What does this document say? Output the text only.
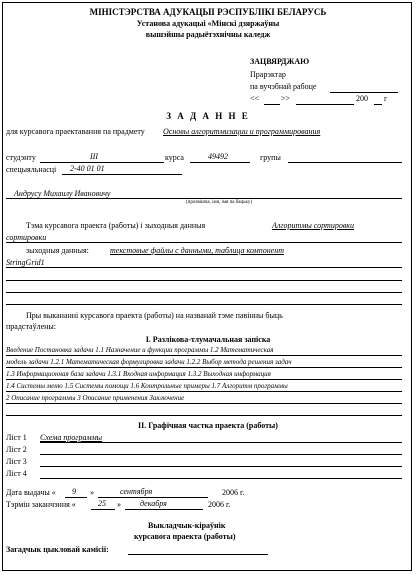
МІНІСТЭРСТВА АДУКАЦЫІ РЭСПУБЛІКІ БЕЛАРУСЬ
Установа адукацыі «Мінскі дзяржаўны
вышэйшы радыётэхнічны каледж
ЗАЦВЯРДЖАЮ
Прарэктар
па вучэбнай рабоце
<<	>>	200 г
З А Д А Н Н Е
для курсавога праектавання па прадмету Основы алгоритмизации и программирования
студэнту	III	курса	49492	групы
спецыяльнасці 2-40 01 01
Андрусу Михаилу Ивановичу
(прозвішча, імя, імя па бацьку)
Тэма курсавога праекта (работы) і зыходныя данныя	Алгоритмы сортировки
сортировки
зыходныя данныя:	текстовые файлы с данными, таблица компонент
StringGrid1
Пры выкананні курсавога праекта (работы) на названай тэме павінны быць
прадстаўлены:
I. Разлікова-тлумачальная запіска
Введение Постановка задачи 1.1 Назначение и функции программы 1.2 Математическая
модель задачи 1.2.1 Математическая формулировка задачи 1.2.2 Выбор метода решения задач
1.3 Информационная база задачи 1.3.1 Входная информация 1.3.2 Выходная информация
1.4 Системы меню 1.5 Системы помощи 1.6 Контрольные примеры 1.7 Алгоритм программы
2 Описание программы 3 Описание применения Заключение
II. Графічная частка праекта (работы)
Ліст 1 Схема программы
Ліст 2
Ліст 3
Ліст 4
Дата выдачы « 9 »	сентября	2006 г.
Тэрмін заканчэння «	25 » декабря	2006 г.
Выкладчык-кіраўнік
курсавога праекта (работы)
Загадчык цыкловай камісіі:
